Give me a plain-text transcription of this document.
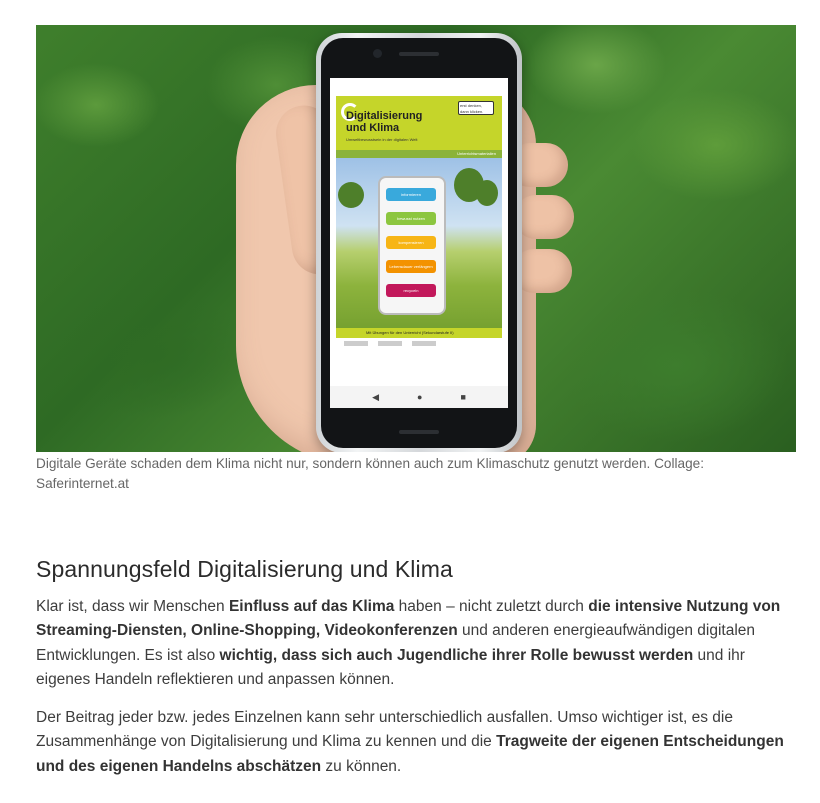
Digitalisierung
und Klima
Umweltbewusstsein in der digitalen Welt
erst denken, dann klicken.
Unterrichtsmaterialien
informieren
bewusst nutzen
kompensieren
Lebensdauer verlängern
recyceln
Mit Übungen für den Unterricht (Sekundarstufe II)
◀	●	■

Digitale Geräte schaden dem Klima nicht nur, sondern können auch zum Klimaschutz genutzt werden. Collage: Saferinternet.at

Spannungsfeld Digitalisierung und Klima

Klar ist, dass wir Menschen Einfluss auf das Klima haben – nicht zuletzt durch die intensive Nutzung von Streaming-Diensten, Online-Shopping, Videokonferenzen und anderen energieaufwändigen digitalen Entwicklungen. Es ist also wichtig, dass sich auch Jugendliche ihrer Rolle bewusst werden und ihr eigenes Handeln reflektieren und anpassen können.

Der Beitrag jeder bzw. jedes Einzelnen kann sehr unterschiedlich ausfallen. Umso wichtiger ist, es die Zusammenhänge von Digitalisierung und Klima zu kennen und die Tragweite der eigenen Entscheidungen und des eigenen Handelns abschätzen zu können.
